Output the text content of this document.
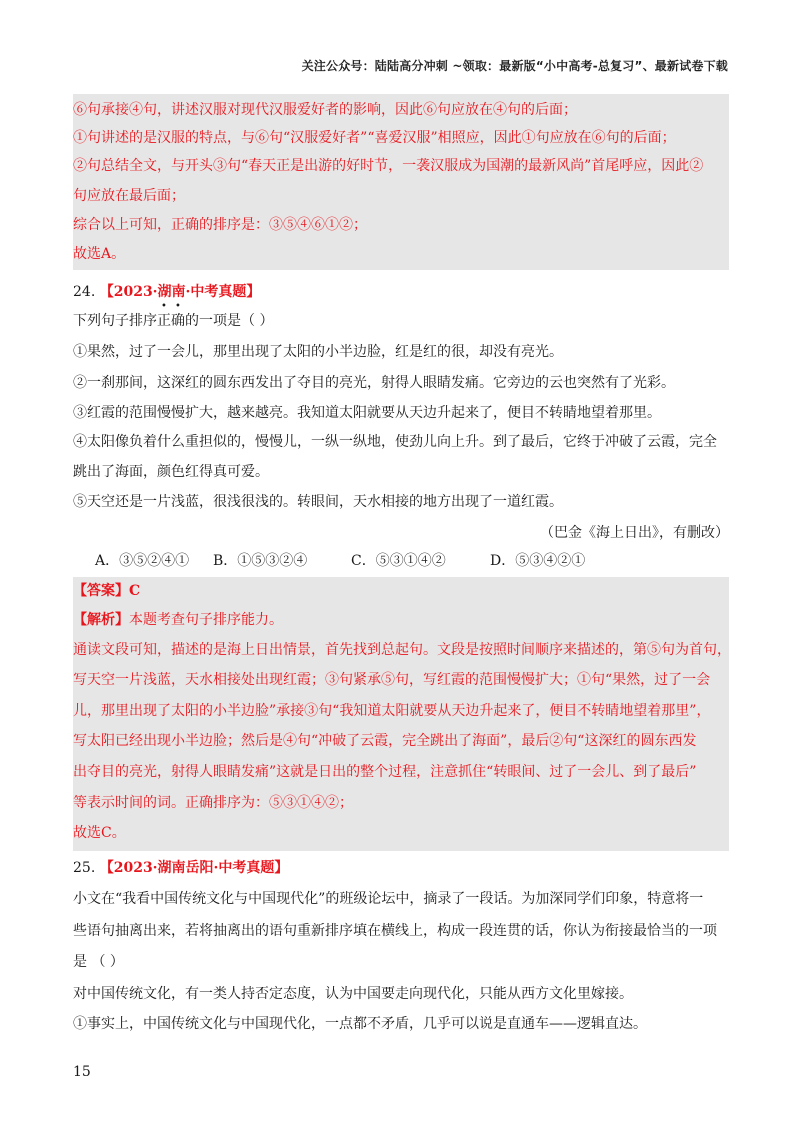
关注公众号：陆陆高分冲刺 ~领取：最新版“小中高考-总复习”、最新试卷下载
⑥句承接④句，讲述汉服对现代汉服爱好者的影响，因此⑥句应放在④句的后面；
①句讲述的是汉服的特点，与⑥句“汉服爱好者”“喜爱汉服”相照应，因此①句应放在⑥句的后面；
②句总结全文，与开头③句“春天正是出游的好时节，一袭汉服成为国潮的最新风尚”首尾呼应，因此②
句应放在最后面；
综合以上可知，正确的排序是：③⑤④⑥①②；
故选A。
24. 【2023·湖南·中考真题】
下列句子排序正确的一项是（ ）
①果然，过了一会儿，那里出现了太阳的小半边脸，红是红的很，却没有亮光。
②一刹那间，这深红的圆东西发出了夺目的亮光，射得人眼睛发痛。它旁边的云也突然有了光彩。
③红霞的范围慢慢扩大，越来越亮。我知道太阳就要从天边升起来了，便目不转睛地望着那里。
④太阳像负着什么重担似的，慢慢儿，一纵一纵地，使劲儿向上升。到了最后，它终于冲破了云霞，完全
跳出了海面，颜色红得真可爱。
⑤天空还是一片浅蓝，很浅很浅的。转眼间，天水相接的地方出现了一道红霞。
（巴金《海上日出》，有删改）
A．③⑤②④① B．①⑤③②④	C．⑤③①④②	D．⑤③④②①
【答案】C
【解析】本题考查句子排序能力。
通读文段可知，描述的是海上日出情景，首先找到总起句。文段是按照时间顺序来描述的，第⑤句为首句，
写天空一片浅蓝，天水相接处出现红霞；③句紧承⑤句，写红霞的范围慢慢扩大；①句“果然，过了一会
儿，那里出现了太阳的小半边脸”承接③句“我知道太阳就要从天边升起来了，便目不转睛地望着那里”，
写太阳已经出现小半边脸；然后是④句“冲破了云霞，完全跳出了海面”，最后②句“这深红的圆东西发
出夺目的亮光，射得人眼睛发痛”这就是日出的整个过程，注意抓住“转眼间、过了一会儿、到了最后”
等表示时间的词。正确排序为：⑤③①④②；
故选C。
25. 【2023·湖南岳阳·中考真题】
小文在“我看中国传统文化与中国现代化”的班级论坛中，摘录了一段话。为加深同学们印象，特意将一
些语句抽离出来，若将抽离出的语句重新排序填在横线上，构成一段连贯的话，你认为衔接最恰当的一项
是 （ ）
对中国传统文化，有一类人持否定态度，认为中国要走向现代化，只能从西方文化里嫁接。
①事实上，中国传统文化与中国现代化，一点都不矛盾，几乎可以说是直通车——逻辑直达。
15
